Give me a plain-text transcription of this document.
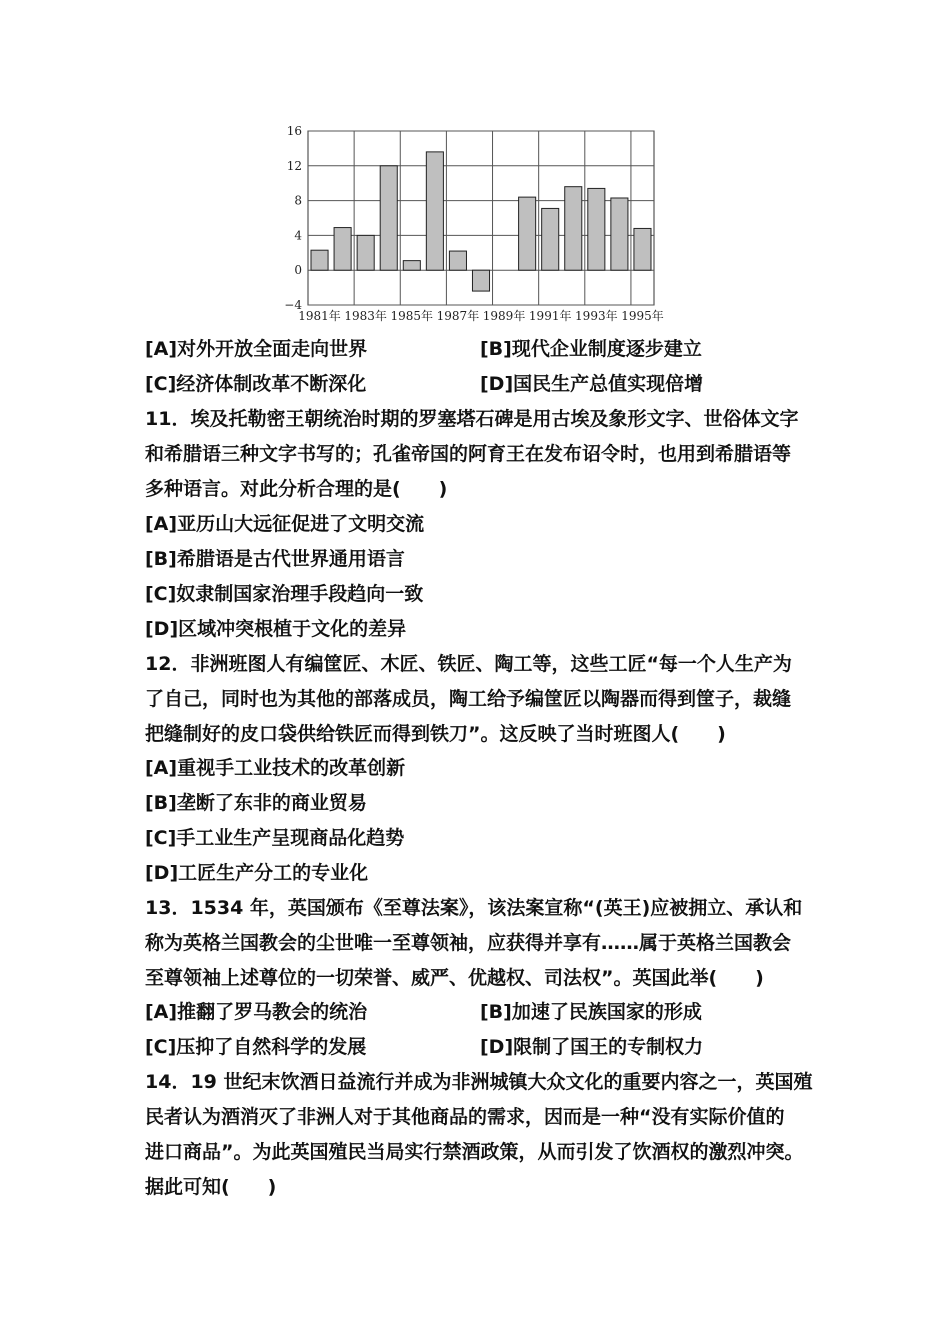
16
12
8
4
0
−4
1981年 1983年 1985年 1987年 1989年 1991年 1993年 1995年
[A]对外开放全面走向世界	[B]现代企业制度逐步建立
[C]经济体制改革不断深化	[D]国民生产总值实现倍增
11．埃及托勒密王朝统治时期的罗塞塔石碑是用古埃及象形文字、世俗体文字
和希腊语三种文字书写的；孔雀帝国的阿育王在发布诏令时，也用到希腊语等
多种语言。对此分析合理的是(　　)
[A]亚历山大远征促进了文明交流
[B]希腊语是古代世界通用语言
[C]奴隶制国家治理手段趋向一致
[D]区域冲突根植于文化的差异
12．非洲班图人有编筐匠、木匠、铁匠、陶工等，这些工匠“每一个人生产为
了自己，同时也为其他的部落成员，陶工给予编筐匠以陶器而得到筐子，裁缝
把缝制好的皮口袋供给铁匠而得到铁刀”。这反映了当时班图人(　　)
[A]重视手工业技术的改革创新
[B]垄断了东非的商业贸易
[C]手工业生产呈现商品化趋势
[D]工匠生产分工的专业化
13．1534 年，英国颁布《至尊法案》，该法案宣称“(英王)应被拥立、承认和
称为英格兰国教会的尘世唯一至尊领袖，应获得并享有……属于英格兰国教会
至尊领袖上述尊位的一切荣誉、威严、优越权、司法权”。英国此举(　　)
[A]推翻了罗马教会的统治	[B]加速了民族国家的形成
[C]压抑了自然科学的发展	[D]限制了国王的专制权力
14．19 世纪末饮酒日益流行并成为非洲城镇大众文化的重要内容之一，英国殖
民者认为酒消灭了非洲人对于其他商品的需求，因而是一种“没有实际价值的
进口商品”。为此英国殖民当局实行禁酒政策，从而引发了饮酒权的激烈冲突。
据此可知(　　)
